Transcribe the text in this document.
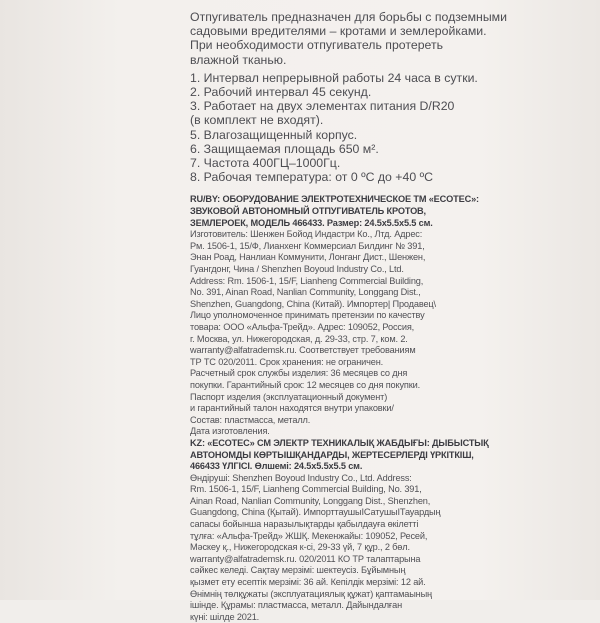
Отпугиватель предназначен для борьбы с подземными

садовыми вредителями – кротами и землеройками.

При необходимости отпугиватель протереть

влажной тканью.

1. Интервал непрерывной работы 24 часа в сутки.

2. Рабочий интервал 45 секунд.

3. Работает на двух элементах питания D/R20

(в комплект не входят).

5. Влагозащищенный корпус.

6. Защищаемая площадь 650 м².

7. Частота 400ГЦ–1000Гц.

8. Рабочая температура: от 0 ºС до +40 ºС

RU/BY: ОБОРУДОВАНИЕ ЭЛЕКТРОТЕХНИЧЕСКОЕ ТМ «ECOTEC»:

ЗВУКОВОЙ АВТОНОМНЫЙ ОТПУГИВАТЕЛЬ КРОТОВ,

ЗЕМЛЕРОЕК, МОДЕЛЬ 466433. Размер: 24.5х5.5х5.5 см.

Изготовитель: Шенжен Бойод Индастри Ко., Лтд. Адрес:

Рм. 1506-1, 15/Ф, Лианхенг Коммерсиал Билдинг № 391,

Энан Роад, Нанлиан Коммунити, Лонганг Дист., Шенжен,

Гуангдонг, Чина / Shenzhen Boyoud Industry Co., Ltd.

Address: Rm. 1506-1, 15/F, Lianheng Commercial Building,

No. 391, Ainan Road, Nanlian Community, Longgang Dist.,

Shenzhen, Guangdong, China (Китай). Импортер| Продавец\

Лицо уполномоченное принимать претензии по качеству

товара: ООО «Альфа-Трейд». Адрес: 109052, Россия,

г. Москва, ул. Нижегородская, д. 29-33, стр. 7, ком. 2.

warranty@alfatradеmsk.ru. Соответствует требованиям

ТР ТС 020/2011. Срок хранения: не ограничен.

Расчетный срок службы изделия: 36 месяцев со дня

покупки. Гарантийный срок: 12 месяцев со дня покупки.

Паспорт изделия (эксплуатационный документ)

и гарантийный талон находятся внутри упаковки/

Состав: пластмасса, металл.

Дата изготовления.

KZ: «ECOTEC» СМ ЭЛЕКТР ТЕХНИКАЛЫҚ ЖАБДЫҒЫ: ДЫБЫСТЫҚ

АВТОНОМДЫ КӨРТЫШҚАНДАРДЫ, ЖЕРТЕСЕРЛЕРДІ ҮРКІТКІШ,

466433 ҮЛГІСІ. Өлшемі: 24.5х5.5х5.5 см.

Өндіруші: Shenzhen Boyoud Industry Co., Ltd. Address:

Rm. 1506-1, 15/F, Lianheng Commercial Building, No. 391,

Ainan Road, Nanlian Community, Longgang Dist., Shenzhen,

Guangdong, China (Қытай). ИмпорттаушыІСатушыІТауардың

сапасы бойынша наразылықтарды қабылдауға өкілетті

тұлға: «Альфа-Трейд» ЖШҚ. Мекенжайы: 109052, Ресей,

Мәскеу қ., Нижегородская к-сі, 29-33 үй, 7 құр., 2 бөл.

warranty@alfatradеmsk.ru. 020/2011 КО ТР талаптарына

сәйкес келеді. Сақтау мерзімі: шектеусіз. Бұйымның

қызмет ету есептік мерзімі: 36 ай. Кепілдік мерзімі: 12 ай.

Өнімнің төлқұжаты (эксплуатациялық құжат) қаптамаының

ішінде. Құрамы: пластмасса, металл. Дайындалған

күні: шілде 2021.
